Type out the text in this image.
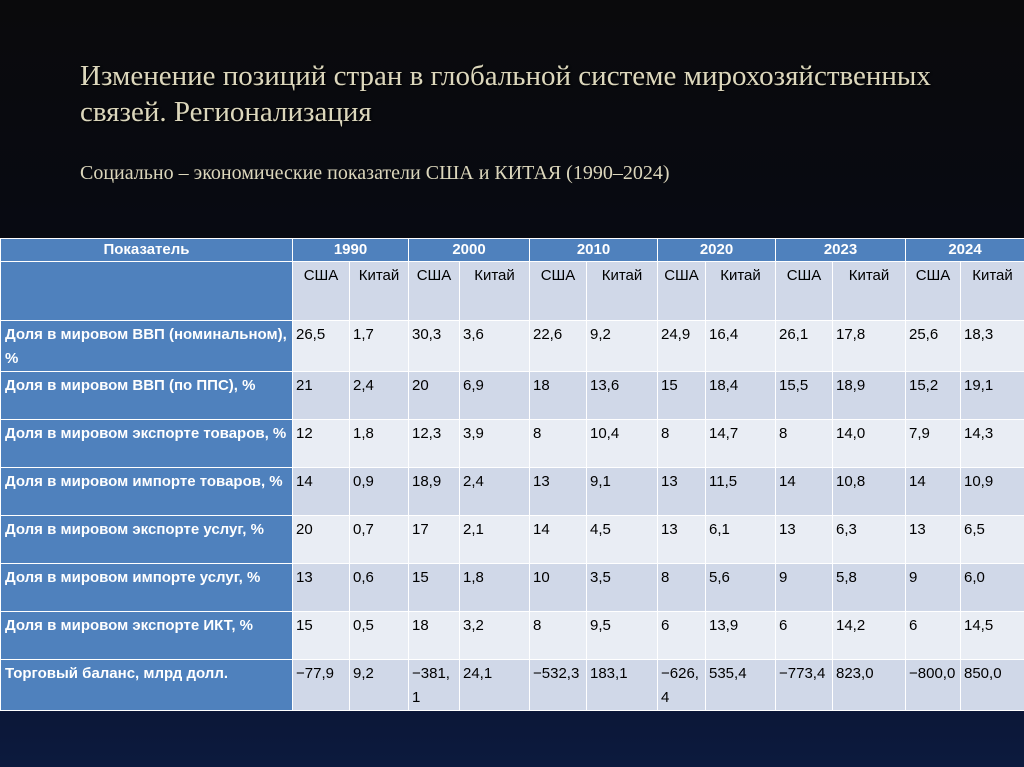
Изменение позиций стран в глобальной системе мирохозяйственных связей. Регионализация
Социально – экономические показатели США и КИТАЯ (1990–2024)
Показатель	1990		2000		2010		2020		2023		2024	
	США	Китай	США	Китай	США	Китай	США	Китай	США	Китай	США	Китай
Доля в мировом ВВП (номинальном), %	26,5	1,7	30,3	3,6	22,6	9,2	24,9	16,4	26,1	17,8	25,6	18,3
Доля в мировом ВВП (по ППС), %	21	2,4	20	6,9	18	13,6	15	18,4	15,5	18,9	15,2	19,1
Доля в мировом экспорте товаров, %	12	1,8	12,3	3,9	8	10,4	8	14,7	8	14,0	7,9	14,3
Доля в мировом импорте товаров, %	14	0,9	18,9	2,4	13	9,1	13	11,5	14	10,8	14	10,9
Доля в мировом экспорте услуг, %	20	0,7	17	2,1	14	4,5	13	6,1	13	6,3	13	6,5
Доля в мировом импорте услуг, %	13	0,6	15	1,8	10	3,5	8	5,6	9	5,8	9	6,0
Доля в мировом экспорте ИКТ, %	15	0,5	18	3,2	8	9,5	6	13,9	6	14,2	6	14,5
Торговый баланс, млрд долл.	−77,9	9,2	−381,1	24,1	−532,3	183,1	−626,4	535,4	−773,4	823,0	−800,0	850,0
